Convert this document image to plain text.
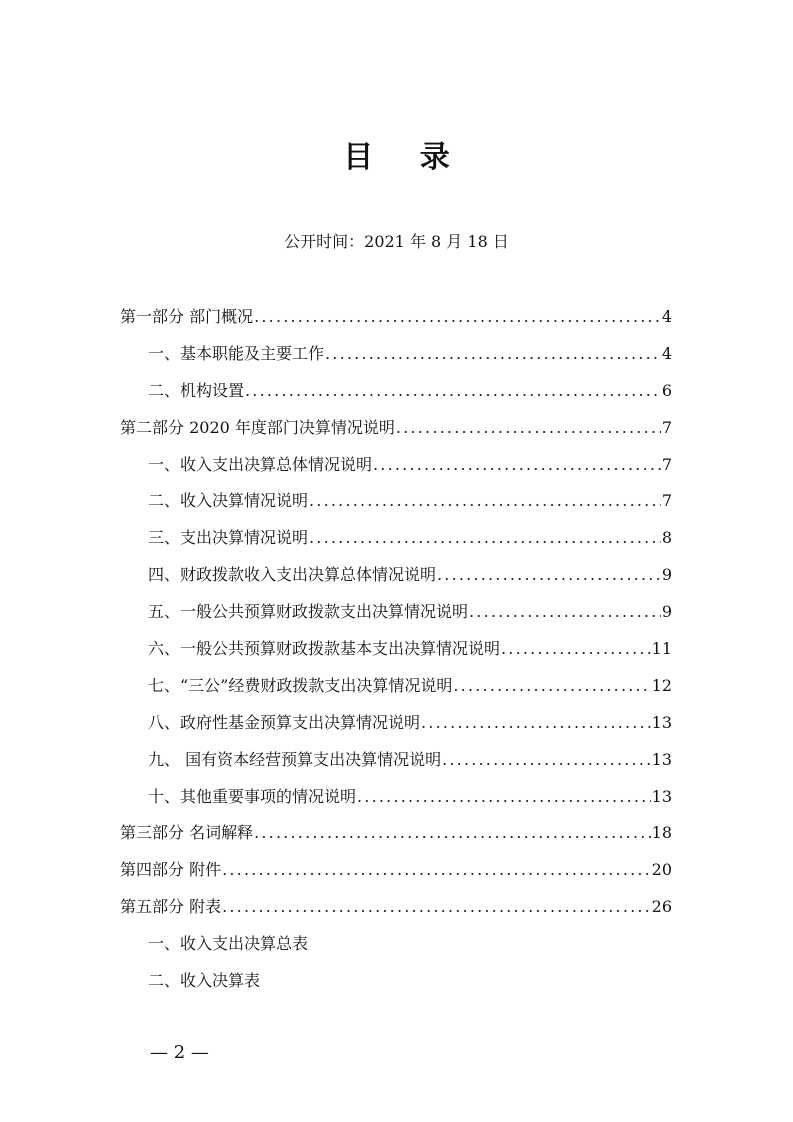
目 录
公开时间：2021 年 8 月 18 日
第一部分 部门概况 .....	4
一、基本职能及主要工作 .....	4
二、机构设置 .....	6
第二部分 2020 年度部门决算情况说明 .....	7
一、收入支出决算总体情况说明 .....	7
二、收入决算情况说明 .....	7
三、支出决算情况说明 .....	8
四、财政拨款收入支出决算总体情况说明 .....	9
五、一般公共预算财政拨款支出决算情况说明 .....	9
六、一般公共预算财政拨款基本支出决算情况说明 .....	11
七、“三公”经费财政拨款支出决算情况说明 .....	12
八、政府性基金预算支出决算情况说明 .....	13
九、 国有资本经营预算支出决算情况说明 .....	13
十、其他重要事项的情况说明 .....	13
第三部分 名词解释 .....	18
第四部分 附件 .....	20
第五部分 附表 .....	26
一、收入支出决算总表
二、收入决算表
— 2 —
